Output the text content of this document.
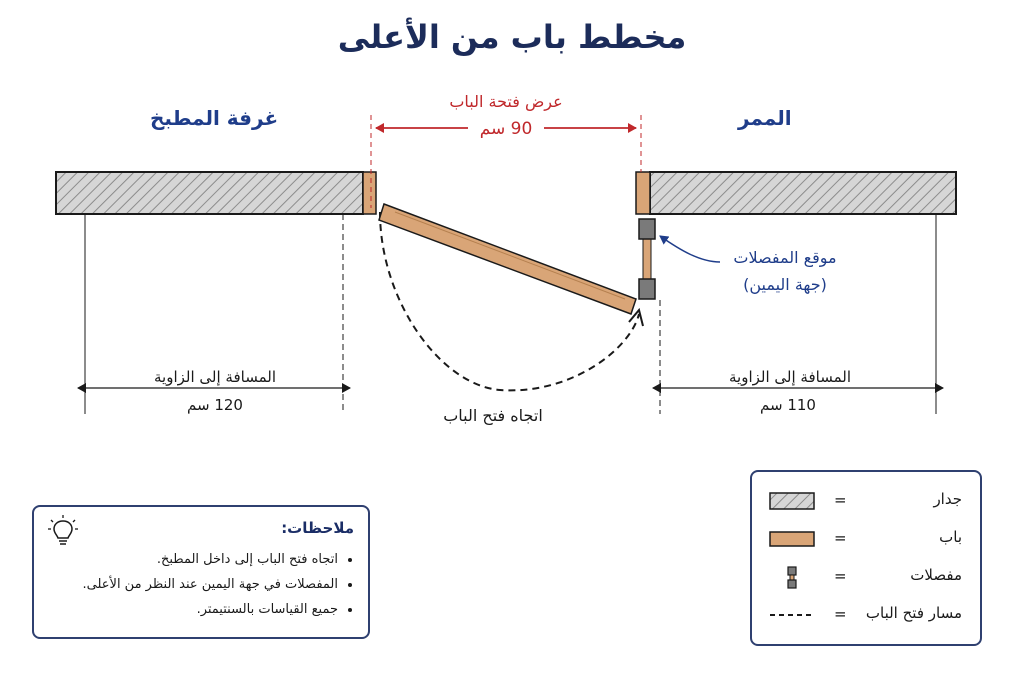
مخطط باب من الأعلى
غرفة المطبخ	الممر
عرض فتحة الباب
90 سم
موقع المفصلات
(جهة اليمين)
المسافة إلى الزاوية
120 سم
المسافة إلى الزاوية
110 سم
اتجاه فتح الباب
ملاحظات:
• اتجاه فتح الباب إلى داخل المطبخ.
• المفصلات في جهة اليمين عند النظر من الأعلى.
• جميع القياسات بالسنتيمتر.
=	جدار
=	باب
=	مفصلات
= مسار فتح الباب
